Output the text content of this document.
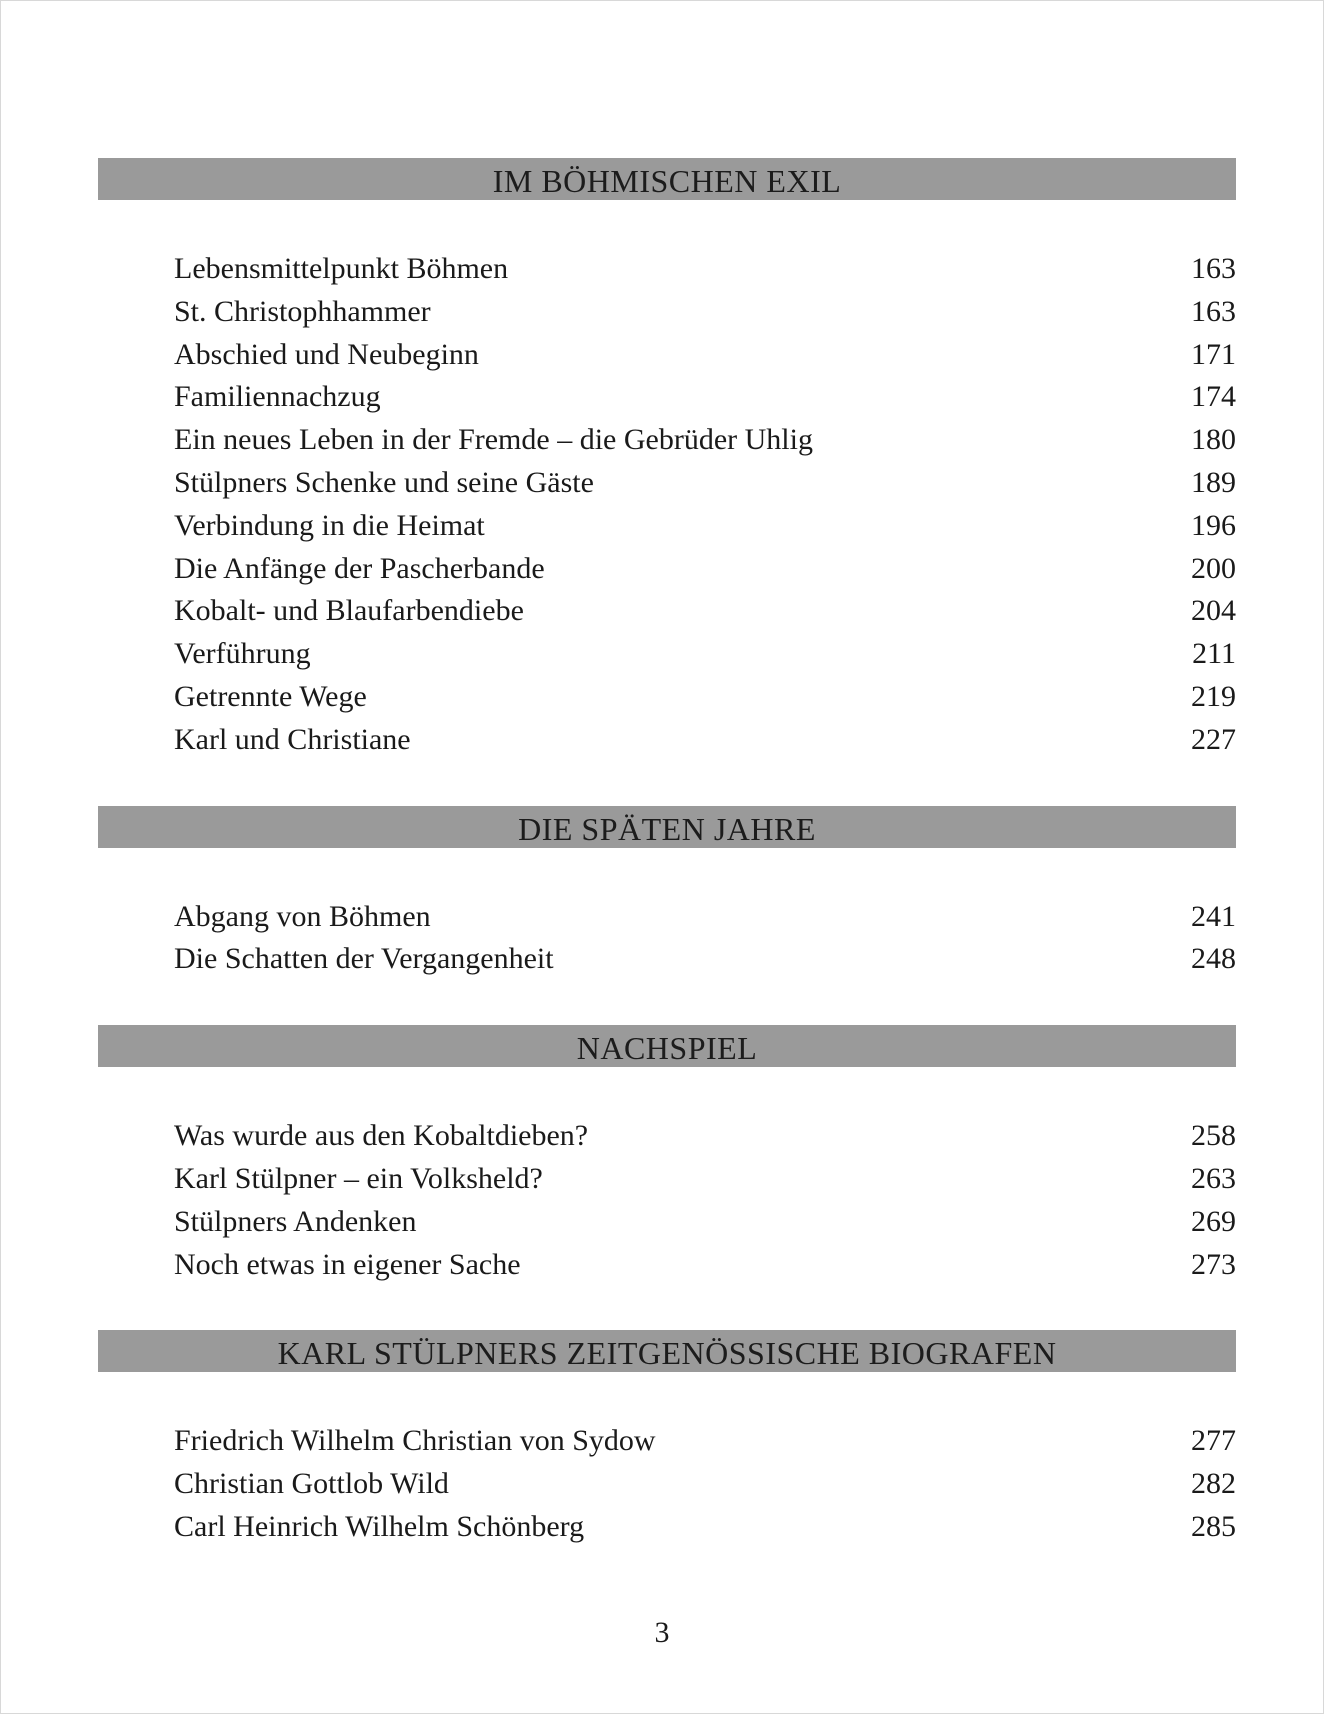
IM BÖHMISCHEN EXIL
Lebensmittelpunkt Böhmen	163
St. Christophhammer	163
Abschied und Neubeginn	171
Familiennachzug	174
Ein neues Leben in der Fremde – die Gebrüder Uhlig	180
Stülpners Schenke und seine Gäste	189
Verbindung in die Heimat	196
Die Anfänge der Pascherbande	200
Kobalt- und Blaufarbendiebe	204
Verführung	211
Getrennte Wege	219
Karl und Christiane	227
DIE SPÄTEN JAHRE
Abgang von Böhmen	241
Die Schatten der Vergangenheit	248
NACHSPIEL
Was wurde aus den Kobaltdieben?	258
Karl Stülpner – ein Volksheld?	263
Stülpners Andenken	269
Noch etwas in eigener Sache	273
KARL STÜLPNERS ZEITGENÖSSISCHE BIOGRAFEN
Friedrich Wilhelm Christian von Sydow	277
Christian Gottlob Wild	282
Carl Heinrich Wilhelm Schönberg	285
3
